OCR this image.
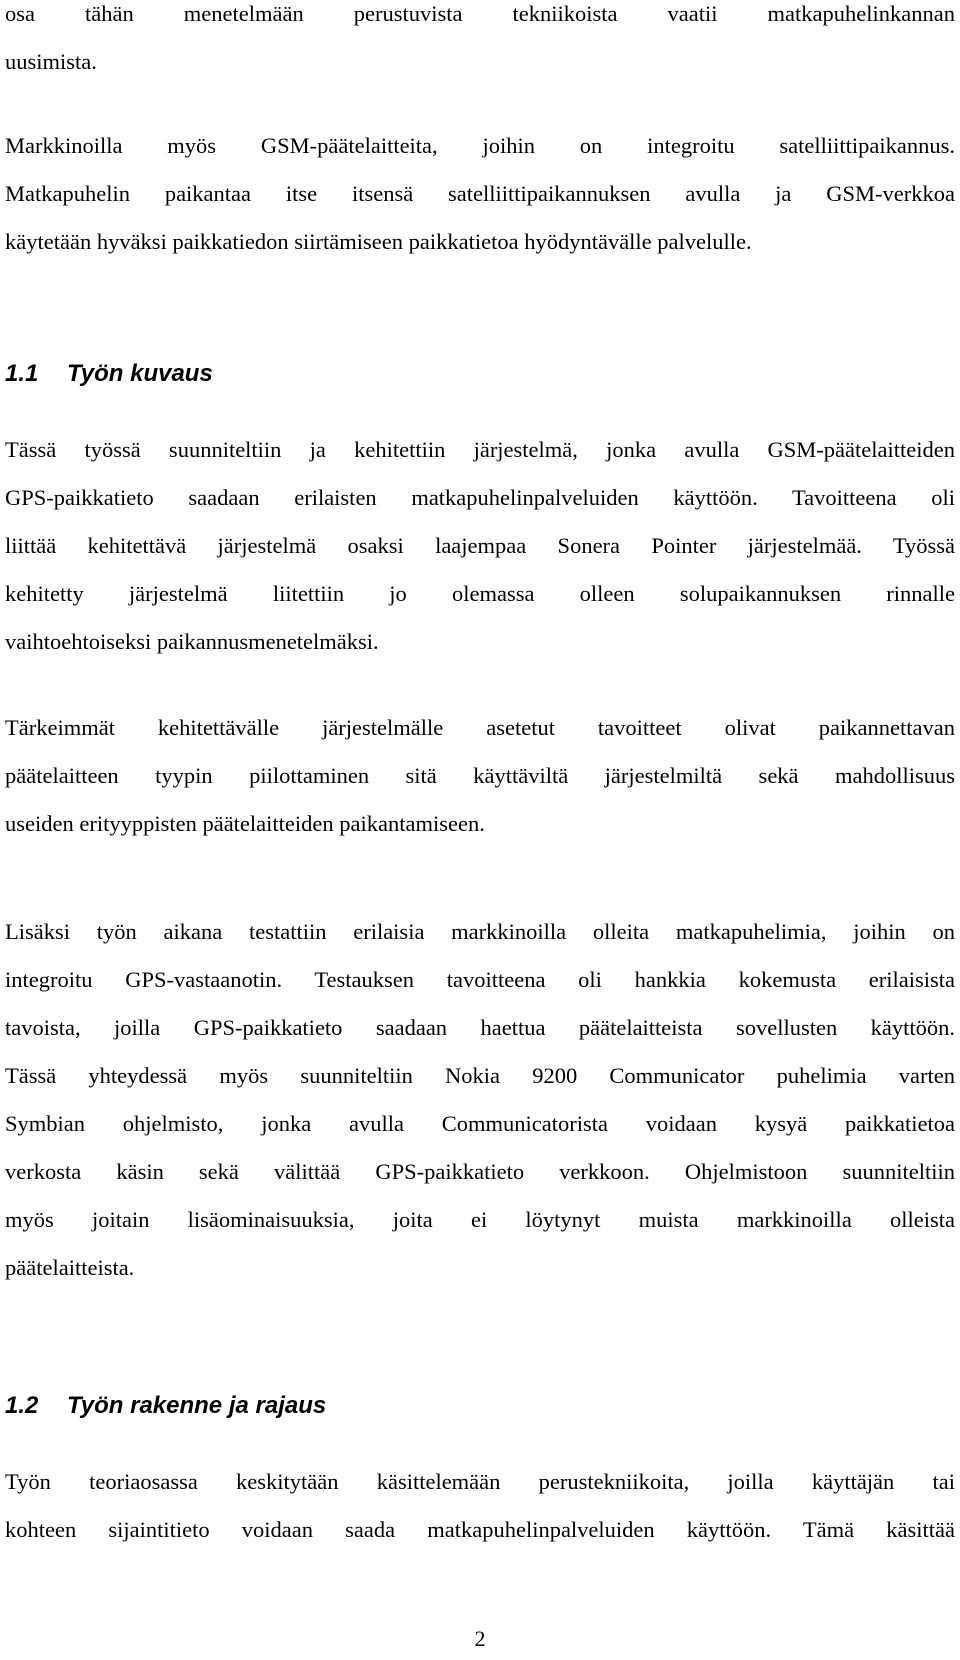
osa tähän menetelmään perustuvista tekniikoista vaatii matkapuhelinkannan
uusimista.

Markkinoilla myös GSM-päätelaitteita, joihin on integroitu satelliittipaikannus.
Matkapuhelin paikantaa itse itsensä satelliittipaikannuksen avulla ja GSM-verkkoa
käytetään hyväksi paikkatiedon siirtämiseen paikkatietoa hyödyntävälle palvelulle.

1.1 Työn kuvaus

Tässä työssä suunniteltiin ja kehitettiin järjestelmä, jonka avulla GSM-päätelaitteiden
GPS-paikkatieto saadaan erilaisten matkapuhelinpalveluiden käyttöön. Tavoitteena oli
liittää kehitettävä järjestelmä osaksi laajempaa Sonera Pointer järjestelmää. Työssä
kehitetty järjestelmä liitettiin jo olemassa olleen solupaikannuksen rinnalle
vaihtoehtoiseksi paikannusmenetelmäksi.

Tärkeimmät kehitettävälle järjestelmälle asetetut tavoitteet olivat paikannettavan
päätelaitteen tyypin piilottaminen sitä käyttäviltä järjestelmiltä sekä mahdollisuus
useiden erityyppisten päätelaitteiden paikantamiseen.

Lisäksi työn aikana testattiin erilaisia markkinoilla olleita matkapuhelimia, joihin on
integroitu GPS-vastaanotin. Testauksen tavoitteena oli hankkia kokemusta erilaisista
tavoista, joilla GPS-paikkatieto saadaan haettua päätelaitteista sovellusten käyttöön.
Tässä yhteydessä myös suunniteltiin Nokia 9200 Communicator puhelimia varten
Symbian ohjelmisto, jonka avulla Communicatorista voidaan kysyä paikkatietoa
verkosta käsin sekä välittää GPS-paikkatieto verkkoon. Ohjelmistoon suunniteltiin
myös joitain lisäominaisuuksia, joita ei löytynyt muista markkinoilla olleista
päätelaitteista.

1.2 Työn rakenne ja rajaus

Työn teoriaosassa keskitytään käsittelemään perustekniikoita, joilla käyttäjän tai
kohteen sijaintitieto voidaan saada matkapuhelinpalveluiden käyttöön. Tämä käsittää

2
